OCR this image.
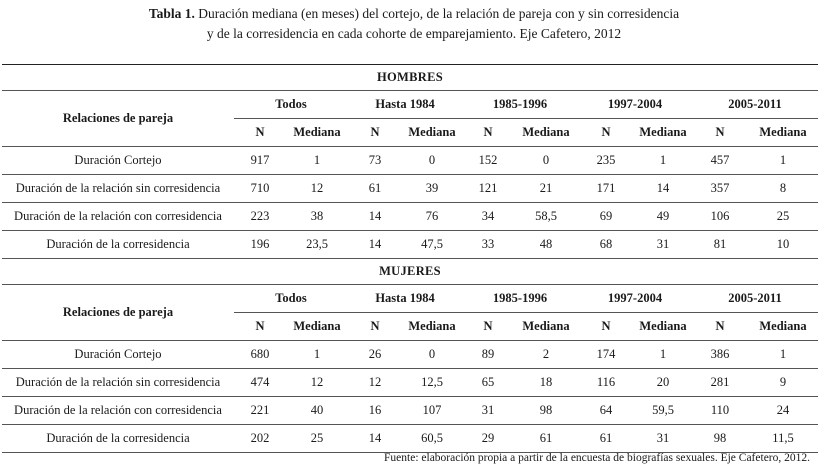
Tabla 1. Duración mediana (en meses) del cortejo, de la relación de pareja con y sin corresidencia
y de la corresidencia en cada cohorte de emparejamiento. Eje Cafetero, 2012
HOMBRES										
Relaciones de pareja	Todos		Hasta 1984		1985-1996		1997-2004		2005-2011	
	N	Mediana	N	Mediana	N	Mediana	N	Mediana	N	Mediana
Duración Cortejo	917	1	73	0	152	0	235	1	457	1
Duración de la relación sin corresidencia	710	12	61	39	121	21	171	14	357	8
Duración de la relación con corresidencia	223	38	14	76	34	58,5	69	49	106	25
Duración de la corresidencia	196	23,5	14	47,5	33	48	68	31	81	10
MUJERES										
Relaciones de pareja	Todos		Hasta 1984		1985-1996		1997-2004		2005-2011	
	N	Mediana	N	Mediana	N	Mediana	N	Mediana	N	Mediana
Duración Cortejo	680	1	26	0	89	2	174	1	386	1
Duración de la relación sin corresidencia	474	12	12	12,5	65	18	116	20	281	9
Duración de la relación con corresidencia	221	40	16	107	31	98	64	59,5	110	24
Duración de la corresidencia	202	25	14	60,5	29	61	61	31	98	11,5
Fuente: elaboración propia a partir de la encuesta de biografías sexuales. Eje Cafetero, 2012.
